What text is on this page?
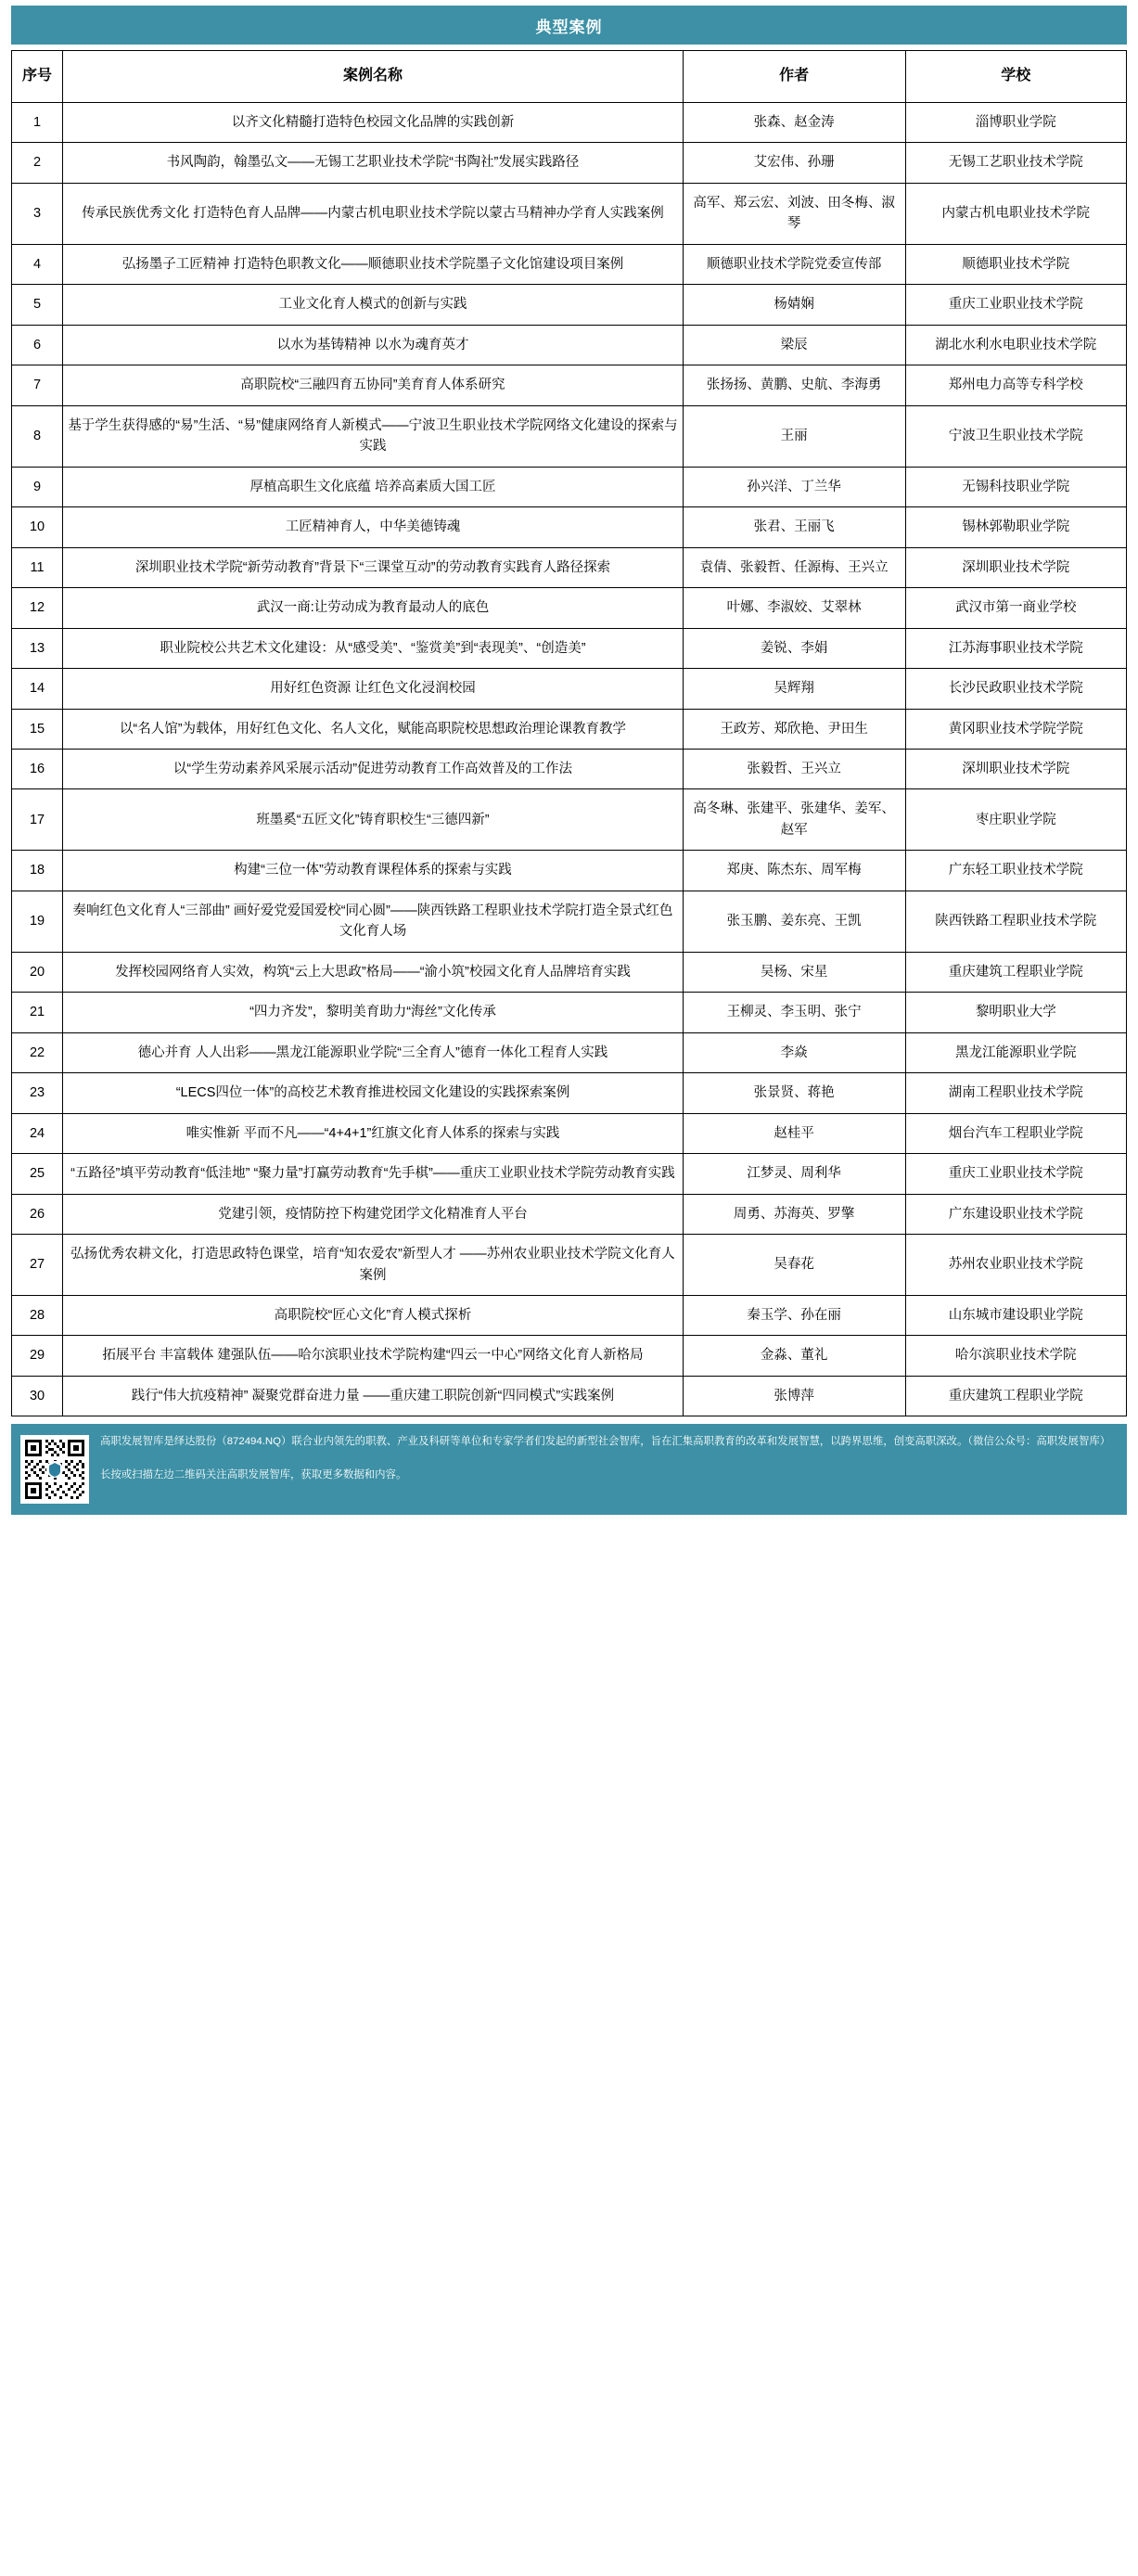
典型案例
序号	案例名称	作者	学校
1	以齐文化精髓打造特色校园文化品牌的实践创新	张森、赵金涛	淄博职业学院
2	书风陶韵，翰墨弘文——无锡工艺职业技术学院“书陶社”发展实践路径	艾宏伟、孙珊	无锡工艺职业技术学院
3	传承民族优秀文化 打造特色育人品牌——内蒙古机电职业技术学院以蒙古马精神办学育人实践案例	高军、郑云宏、刘波、田冬梅、淑琴	内蒙古机电职业技术学院
4	弘扬墨子工匠精神 打造特色职教文化——顺德职业技术学院墨子文化馆建设项目案例	顺德职业技术学院党委宣传部	顺德职业技术学院
5	工业文化育人模式的创新与实践	杨婧娴	重庆工业职业技术学院
6	以水为基铸精神 以水为魂育英才	梁辰	湖北水利水电职业技术学院
7	高职院校“三融四育五协同”美育育人体系研究	张扬扬、黄鹏、史航、李海勇	郑州电力高等专科学校
8	基于学生获得感的“易”生活、“易”健康网络育人新模式——宁波卫生职业技术学院网络文化建设的探索与实践	王丽	宁波卫生职业技术学院
9	厚植高职生文化底蕴 培养高素质大国工匠	孙兴洋、丁兰华	无锡科技职业学院
10	工匠精神育人，中华美德铸魂	张君、王丽飞	锡林郭勒职业学院
11	深圳职业技术学院“新劳动教育”背景下“三课堂互动”的劳动教育实践育人路径探索	袁倩、张毅哲、任源梅、王兴立	深圳职业技术学院
12	武汉一商:让劳动成为教育最动人的底色	叶娜、李淑姣、艾翠林	武汉市第一商业学校
13	职业院校公共艺术文化建设：从“感受美”、“鉴赏美”到“表现美”、“创造美”	姜锐、李娟	江苏海事职业技术学院
14	用好红色资源 让红色文化浸润校园	吴辉翔	长沙民政职业技术学院
15	以“名人馆”为载体，用好红色文化、名人文化，赋能高职院校思想政治理论课教育教学	王政芳、郑欣艳、尹田生	黄冈职业技术学院学院
16	以“学生劳动素养风采展示活动”促进劳动教育工作高效普及的工作法	张毅哲、王兴立	深圳职业技术学院
17	班墨奚“五匠文化”铸育职校生“三德四新”	高冬琳、张建平、张建华、姜军、赵军	枣庄职业学院
18	构建“三位一体”劳动教育课程体系的探索与实践	郑庚、陈杰东、周军梅	广东轻工职业技术学院
19	奏响红色文化育人“三部曲” 画好爱党爱国爱校“同心圆”——陕西铁路工程职业技术学院打造全景式红色文化育人场	张玉鹏、姜东亮、王凯	陕西铁路工程职业技术学院
20	发挥校园网络育人实效，构筑“云上大思政”格局——“渝小筑”校园文化育人品牌培育实践	吴杨、宋星	重庆建筑工程职业学院
21	“四力齐发”，黎明美育助力“海丝”文化传承	王柳灵、李玉明、张宁	黎明职业大学
22	德心并育 人人出彩——黑龙江能源职业学院“三全育人”德育一体化工程育人实践	李焱	黑龙江能源职业学院
23	“LECS四位一体”的高校艺术教育推进校园文化建设的实践探索案例	张景贤、蒋艳	湖南工程职业技术学院
24	唯实惟新 平而不凡——“4+4+1”红旗文化育人体系的探索与实践	赵桂平	烟台汽车工程职业学院
25	“五路径”填平劳动教育“低洼地” “聚力量”打赢劳动教育“先手棋”——重庆工业职业技术学院劳动教育实践	江梦灵、周利华	重庆工业职业技术学院
26	党建引领，疫情防控下构建党团学文化精准育人平台	周勇、苏海英、罗擎	广东建设职业技术学院
27	弘扬优秀农耕文化，打造思政特色课堂，培育“知农爱农”新型人才 ——苏州农业职业技术学院文化育人案例	吴春花	苏州农业职业技术学院
28	高职院校“匠心文化”育人模式探析	秦玉学、孙在丽	山东城市建设职业学院
29	拓展平台 丰富载体 建强队伍——哈尔滨职业技术学院构建“四云一中心”网络文化育人新格局	金淼、董礼	哈尔滨职业技术学院
30	践行“伟大抗疫精神” 凝聚党群奋进力量 ——重庆建工职院创新“四同模式”实践案例	张博萍	重庆建筑工程职业学院

高职发展智库是绎达股份（872494.NQ）联合业内领先的职教、产业及科研等单位和专家学者们发起的新型社会智库，旨在汇集高职教育的改革和发展智慧，以跨界思维，创变高职深改。（微信公众号：高职发展智库）

长按或扫描左边二维码关注高职发展智库，获取更多数据和内容。
